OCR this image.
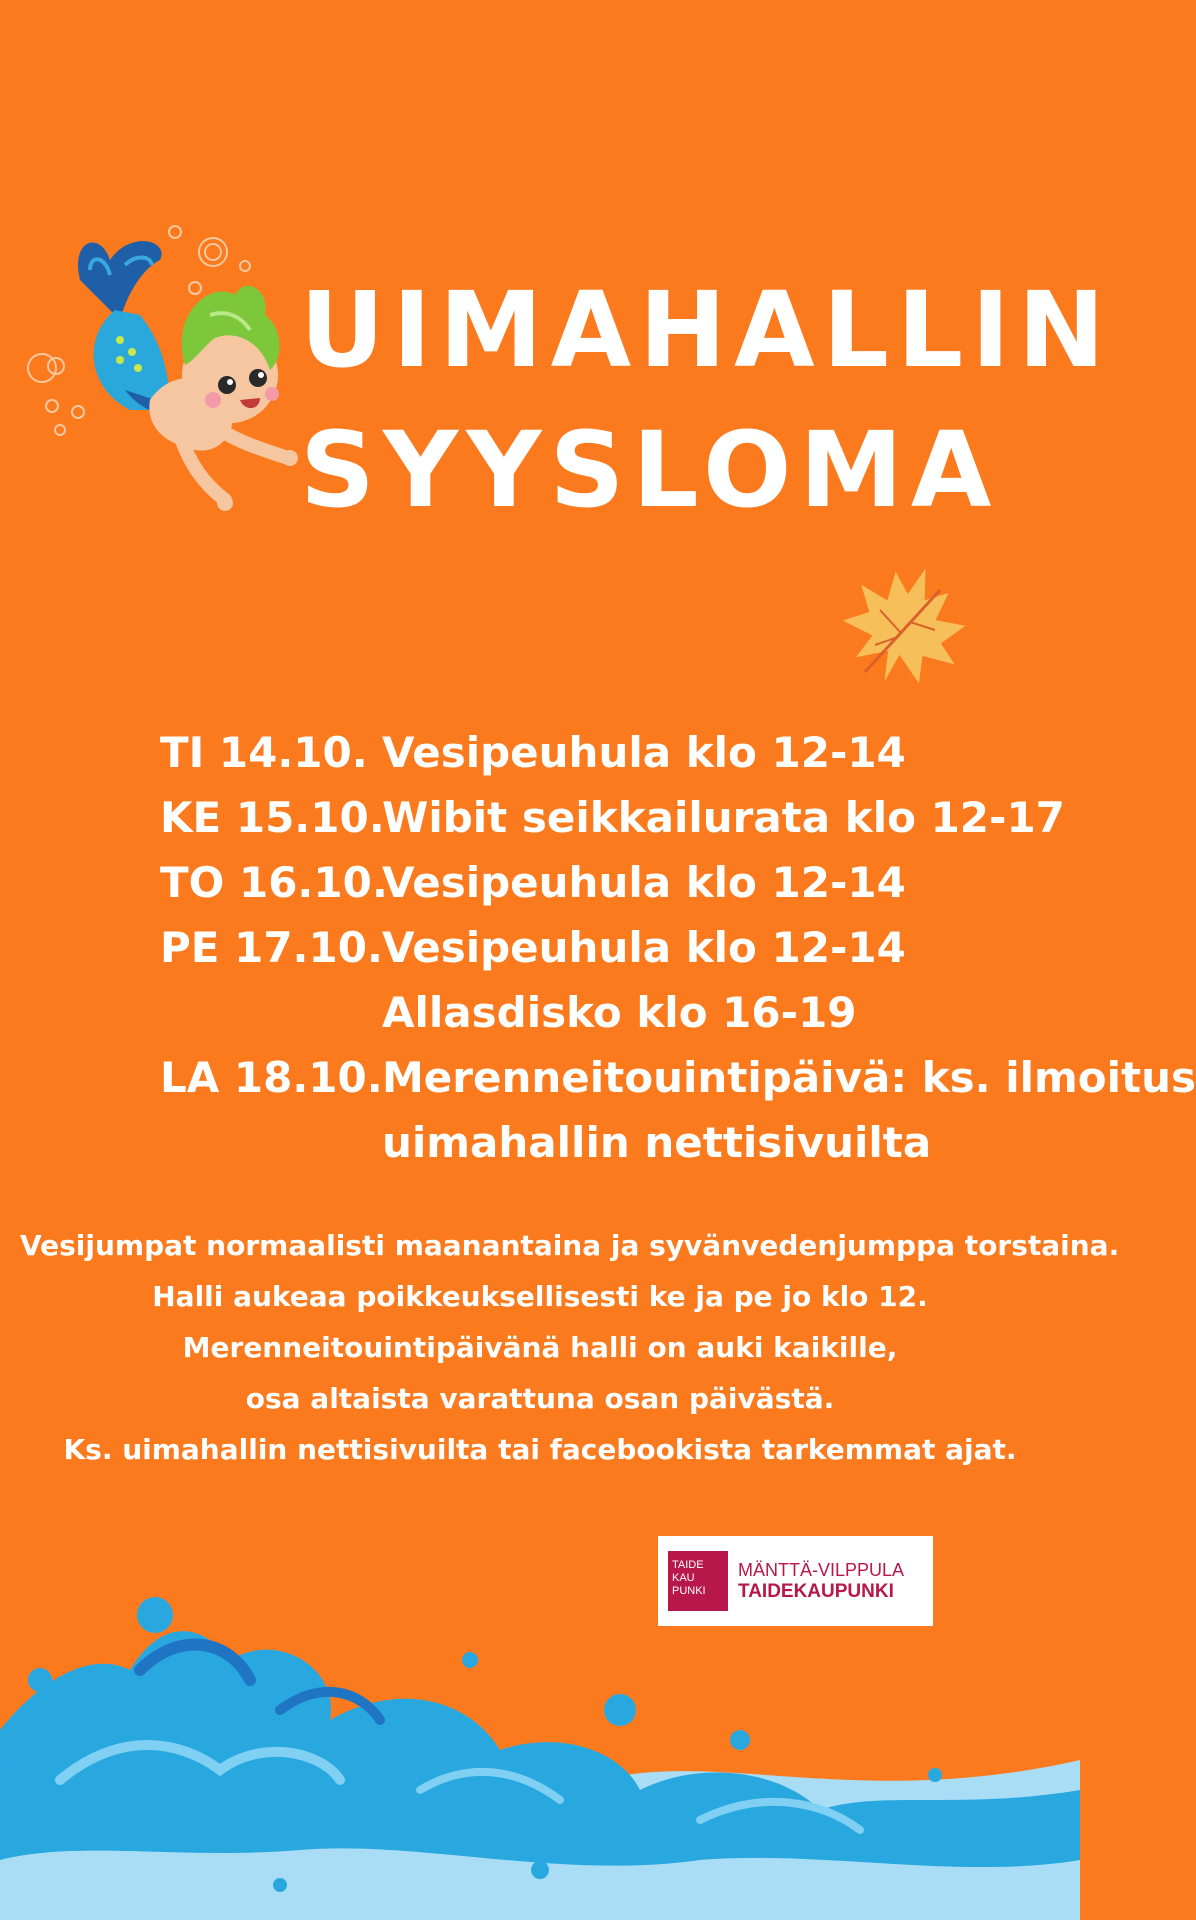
UIMAHALLIN
SYYSLOMA
TI 14.10. Vesipeuhula klo 12-14
KE 15.10.
Wibit seikkailurata klo 12-17
TO 16.10.
Vesipeuhula klo 12-14
PE 17.10. Vesipeuhula klo 12-14
Allasdisko klo 16-19
LA 18.10. Merenneitouintipäivä: ks. ilmoitus
uimahallin nettisivuilta
Vesijumpat normaalisti maanantaina ja syvänvedenjumppa torstaina.
Halli aukeaa poikkeuksellisesti ke ja pe jo klo 12.
Merenneitouintipäivänä halli on auki kaikille,
osa altaista varattuna osan päivästä.
Ks. uimahallin nettisivuilta tai facebookista tarkemmat ajat.
TAIDE
KAU
PUNKI
MÄNTTÄ-VILPPULA
TAIDEKAUPUNKI
